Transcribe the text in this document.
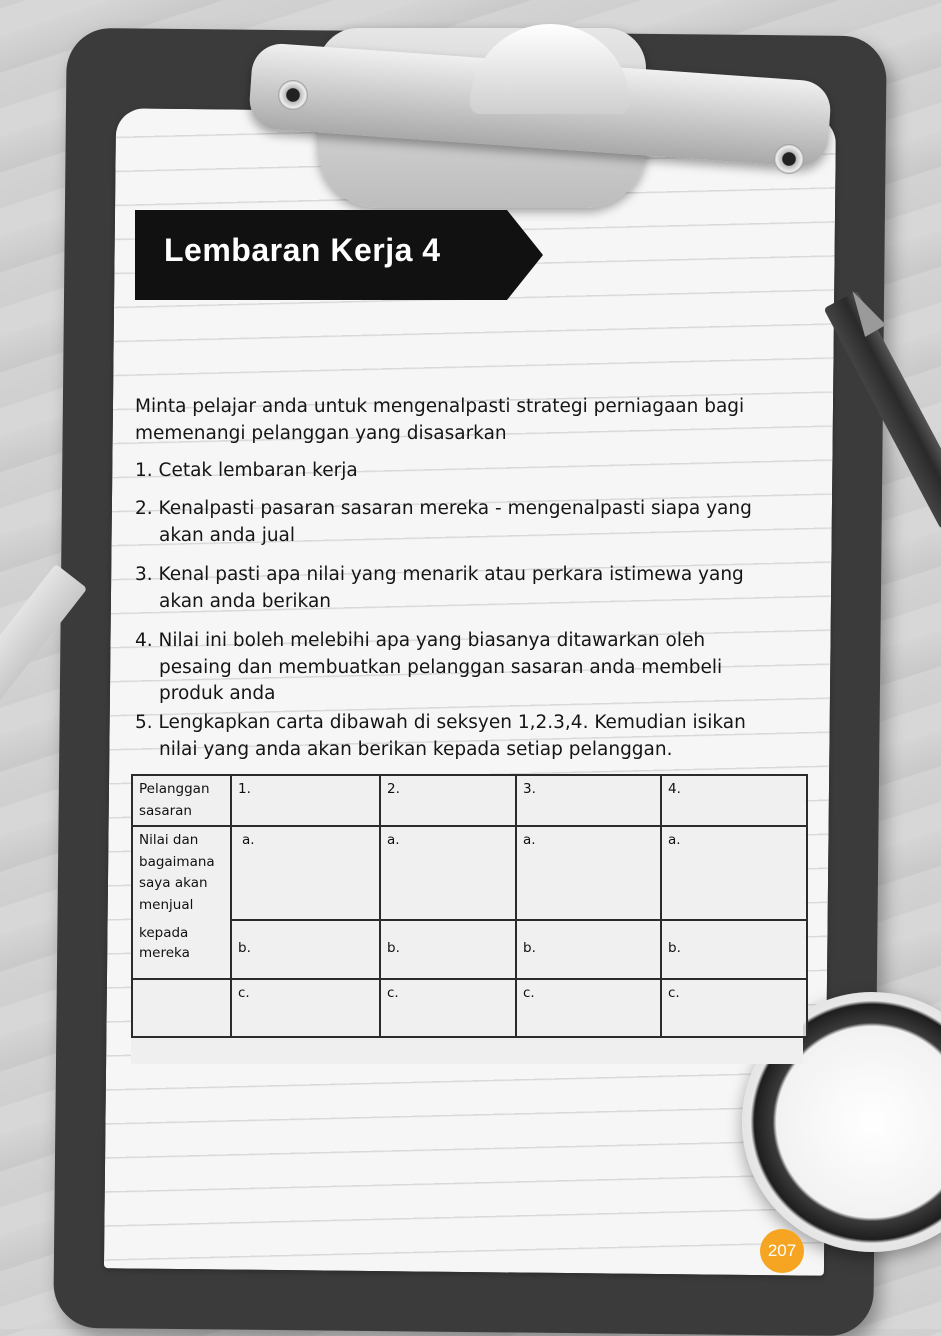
Lembaran Kerja 4

Minta pelajar anda untuk mengenalpasti strategi perniagaan bagi memenangi pelanggan yang disasarkan

1. Cetak lembaran kerja

2. Kenalpasti pasaran sasaran mereka - mengenalpasti siapa yang akan anda jual

3. Kenal pasti apa nilai yang menarik atau perkara istimewa yang akan anda berikan

4. Nilai ini boleh melebihi apa yang biasanya ditawarkan oleh pesaing dan membuatkan pelanggan sasaran anda membeli produk anda

5. Lengkapkan carta dibawah di seksyen 1,2.3,4. Kemudian isikan nilai yang anda akan berikan kepada setiap pelanggan.

Pelanggan sasaran	1.	2.	3.	4.
Nilai dan bagaimana saya akan menjual	a.	a.	a.	a.
kepada mereka	b.	b.	b.	b.
	c.	c.	c.	c.
207
